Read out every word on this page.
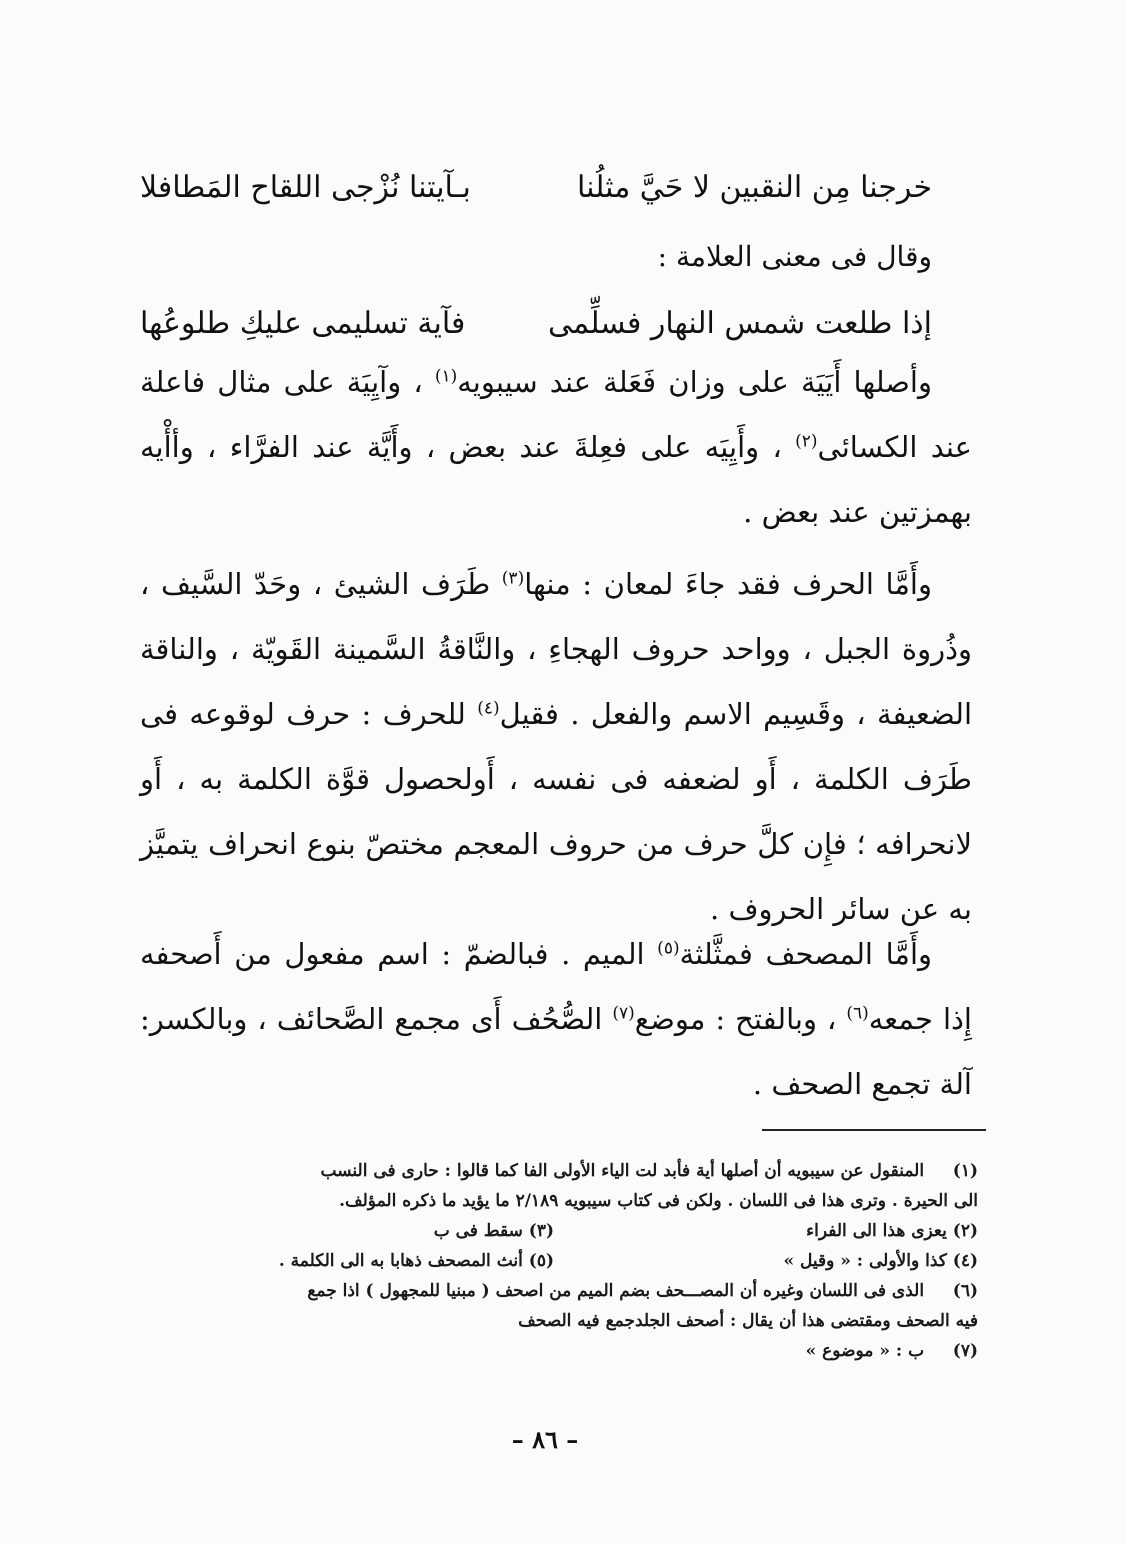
خرجنا مِن النقبين لا حَيَّ مثلُنا
بـآيتنا نُزْجى اللقاح المَطافلا
وقال فى معنى العلامة :
إذا طلعت شمس النهار فسلِّمى
فآية تسليمى عليكِ طلوعُها

وأصلها أَيَيَة على وزان فَعَلة عند سيبويه$^{(١)}$ ، وآيِيَة على مثال فاعلة عند الكسائى$^{(٢)}$ ، وأَيِيَه على فعِلةَ عند بعض ، وأَيَّة عند الفرَّاء ، وأأْيه بهمزتين عند بعض .

وأَمَّا الحرف فقد جاءَ لمعان : منها$^{(٣)}$ طَرَف الشيئ ، وحَدّ السَّيف ، وذُروة الجبل ، وواحد حروف الهجاءِ ، والنَّاقةُ السَّمينة القَويّة ، والناقة الضعيفة ، وقَسِيم الاسم والفعل . فقيل$^{(٤)}$ للحرف : حرف لوقوعه فى طَرَف الكلمة ، أَو لضعفه فى نفسه ، أَولحصول قوَّة الكلمة به ، أَو لانحرافه ؛ فإِن كلَّ حرف من حروف المعجم مختصّ بنوع انحراف يتميَّز به عن سائر الحروف .

وأَمَّا المصحف فمثَّلثة$^{(٥)}$ الميم . فبالضمّ : اسم مفعول من أَصحفه إِذا جمعه$^{(٦)}$ ، وبالفتح : موضع$^{(٧)}$ الصُّحُف أَى مجمع الصَّحائف ، وبالكسر: آلة تجمع الصحف .

(١) المنقول عن سيبويه أن أصلها أية فأبد لت الياء الأولى الفا كما قالوا : حارى فى النسب
الى الحيرة . وترى هذا فى اللسان . ولكن فى كتاب سيبويه ٢/١٨٩ ما يؤيد ما ذكره المؤلف.
(٢) يعزى هذا الى الفراء
(٣) سقط فى ب
(٤) كذا والأولى : « وقيل »
(٥) أنث المصحف ذهابا به الى الكلمة .
(٦) الذى فى اللسان وغيره أن المصـــحف بضم الميم من اصحف ( مبنيا للمجهول ) اذا جمع
فيه الصحف ومقتضى هذا أن يقال : أصحف الجلدجمع فيه الصحف
(٧) ب : « موضوع »
– ٨٦ –
